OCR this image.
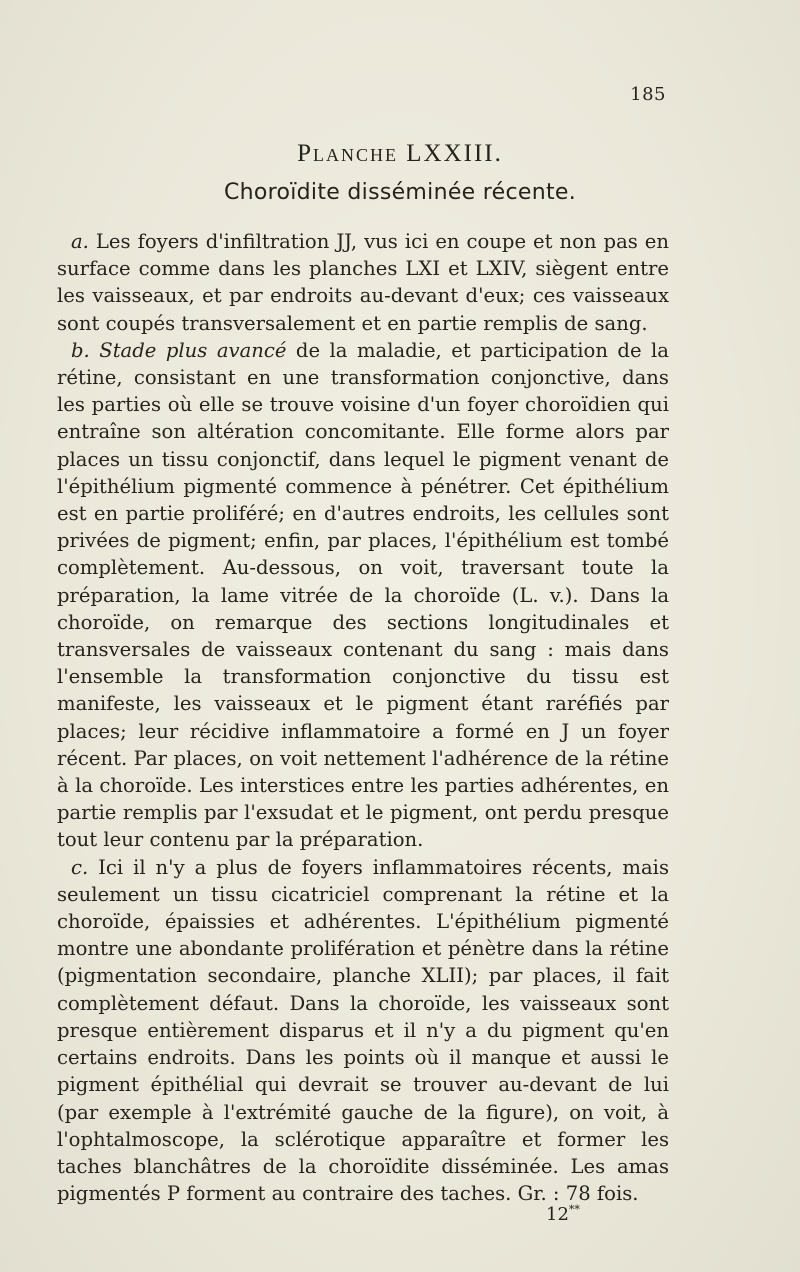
185
Planche LXXIII.
Choroïdite disséminée récente.

a. Les foyers d'infiltration JJ, vus ici en coupe et non pas en surface comme dans les planches LXI et LXIV, siègent entre les vaisseaux, et par endroits au-devant d'eux; ces vaisseaux sont coupés transversalement et en partie remplis de sang.

b. Stade plus avancé de la maladie, et participation de la rétine, consistant en une transformation conjonctive, dans les parties où elle se trouve voisine d'un foyer choroïdien qui entraîne son altération concomitante. Elle forme alors par places un tissu conjonctif, dans lequel le pigment venant de l'épithélium pigmenté commence à pénétrer. Cet épithélium est en partie proliféré; en d'autres endroits, les cellules sont privées de pigment; enfin, par places, l'épithélium est tombé complètement. Au-dessous, on voit, traversant toute la préparation, la lame vitrée de la choroïde (L. v.). Dans la choroïde, on remarque des sections longitudinales et transversales de vaisseaux contenant du sang : mais dans l'ensemble la transformation conjonctive du tissu est manifeste, les vaisseaux et le pigment étant raréfiés par places; leur récidive inflammatoire a formé en J un foyer récent. Par places, on voit nettement l'adhérence de la rétine à la choroïde. Les interstices entre les parties adhérentes, en partie remplis par l'exsudat et le pigment, ont perdu presque tout leur contenu par la préparation.

c. Ici il n'y a plus de foyers inflammatoires récents, mais seulement un tissu cicatriciel comprenant la rétine et la choroïde, épaissies et adhérentes. L'épithélium pigmenté montre une abondante prolifération et pénètre dans la rétine (pigmentation secondaire, planche XLII); par places, il fait complètement défaut. Dans la choroïde, les vaisseaux sont presque entièrement disparus et il n'y a du pigment qu'en certains endroits. Dans les points où il manque et aussi le pigment épithélial qui devrait se trouver au-devant de lui (par exemple à l'extrémité gauche de la figure), on voit, à l'ophtalmoscope, la sclérotique apparaître et former les taches blanchâtres de la choroïdite disséminée. Les amas pigmentés P forment au contraire des taches. Gr. : 78 fois.

12**
